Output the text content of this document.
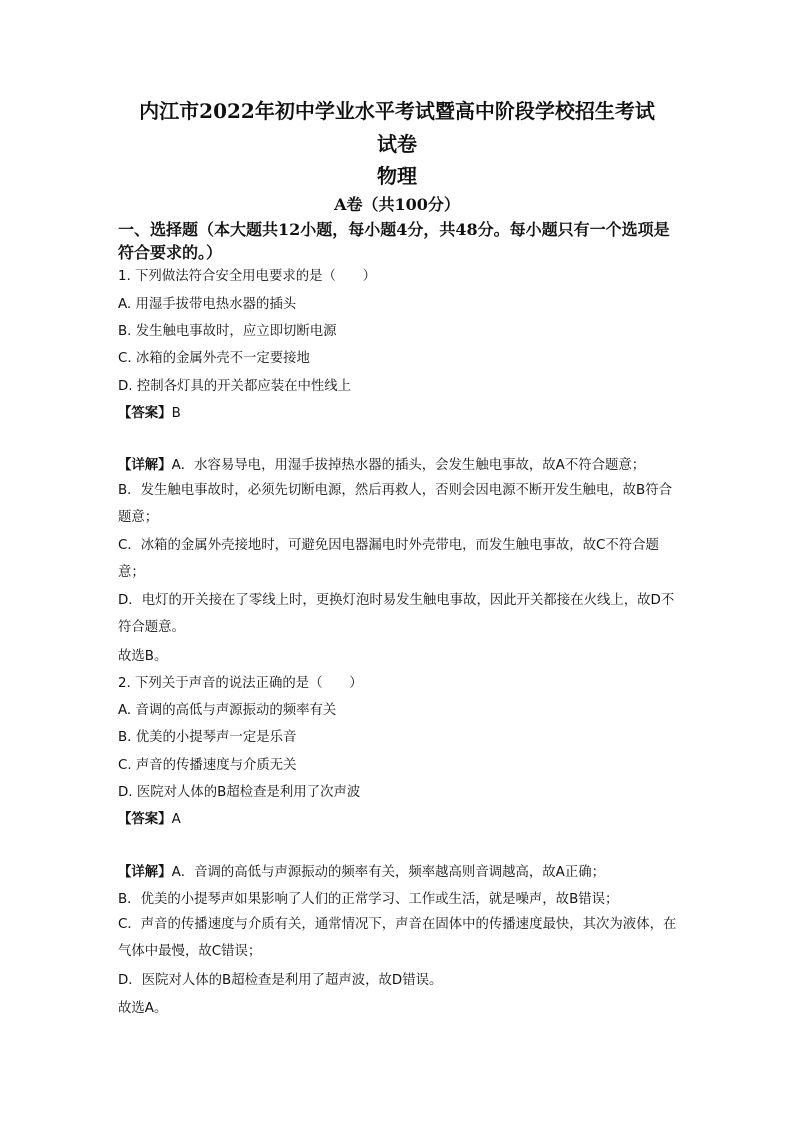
内江市2022年初中学业水平考试暨高中阶段学校招生考试
试卷
物理

A卷（共100分）

一、选择题（本大题共12小题，每小题4分，共48分。每小题只有一个选项是符合要求的。）

1. 下列做法符合安全用电要求的是（　　）

A. 用湿手拔带电热水器的插头

B. 发生触电事故时，应立即切断电源

C. 冰箱的金属外壳不一定要接地

D. 控制各灯具的开关都应装在中性线上

【答案】B

【详解】A．水容易导电，用湿手拔掉热水器的插头，会发生触电事故，故A不符合题意；

B．发生触电事故时，必须先切断电源，然后再救人，否则会因电源不断开发生触电，故B符合题意；

C．冰箱的金属外壳接地时，可避免因电器漏电时外壳带电，而发生触电事故，故C不符合题意；

D．电灯的开关接在了零线上时，更换灯泡时易发生触电事故，因此开关都接在火线上，故D不符合题意。

故选B。

2. 下列关于声音的说法正确的是（　　）

A. 音调的高低与声源振动的频率有关

B. 优美的小提琴声一定是乐音

C. 声音的传播速度与介质无关

D. 医院对人体的B超检查是利用了次声波

【答案】A

【详解】A．音调的高低与声源振动的频率有关，频率越高则音调越高，故A正确；

B．优美的小提琴声如果影响了人们的正常学习、工作或生活，就是噪声，故B错误；

C．声音的传播速度与介质有关，通常情况下，声音在固体中的传播速度最快，其次为液体，在气体中最慢，故C错误；

D．医院对人体的B超检查是利用了超声波，故D错误。

故选A。
